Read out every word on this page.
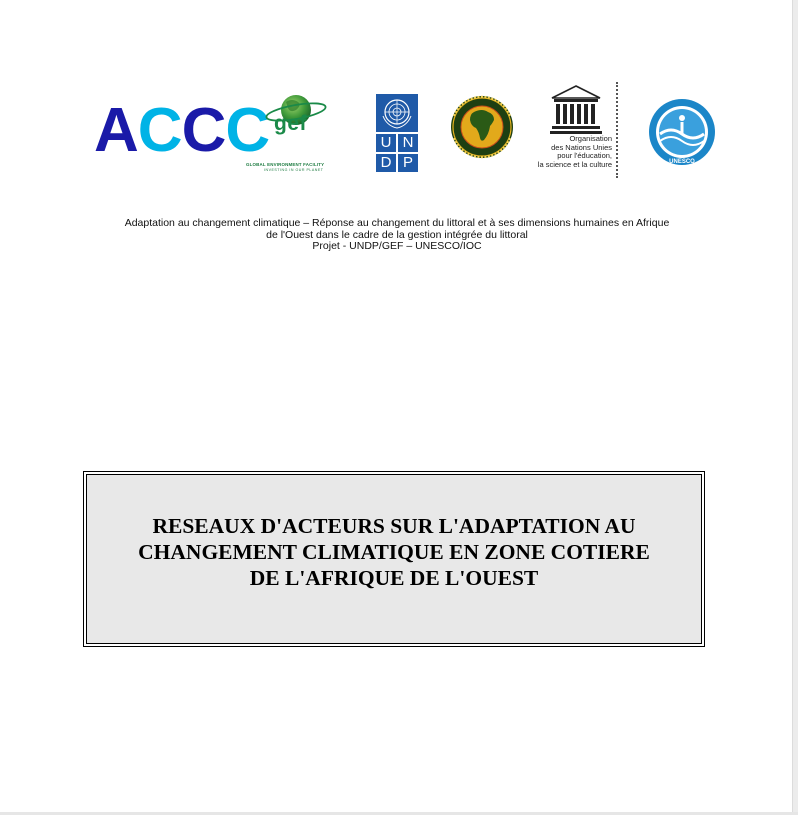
ACCC gef
GLOBAL ENVIRONMENT FACILITY
INVESTING IN OUR PLANET
U N
D P
Organisation
des Nations Unies
pour l'éducation,
la science et la culture	UNESCO
Adaptation au changement climatique – Réponse au changement du littoral et à ses dimensions humaines en Afrique
de l'Ouest dans le cadre de la gestion intégrée du littoral
Projet - UNDP/GEF – UNESCO/IOC
RESEAUX D'ACTEURS SUR L'ADAPTATION AU
CHANGEMENT CLIMATIQUE EN ZONE COTIERE
DE L'AFRIQUE DE L'OUEST
